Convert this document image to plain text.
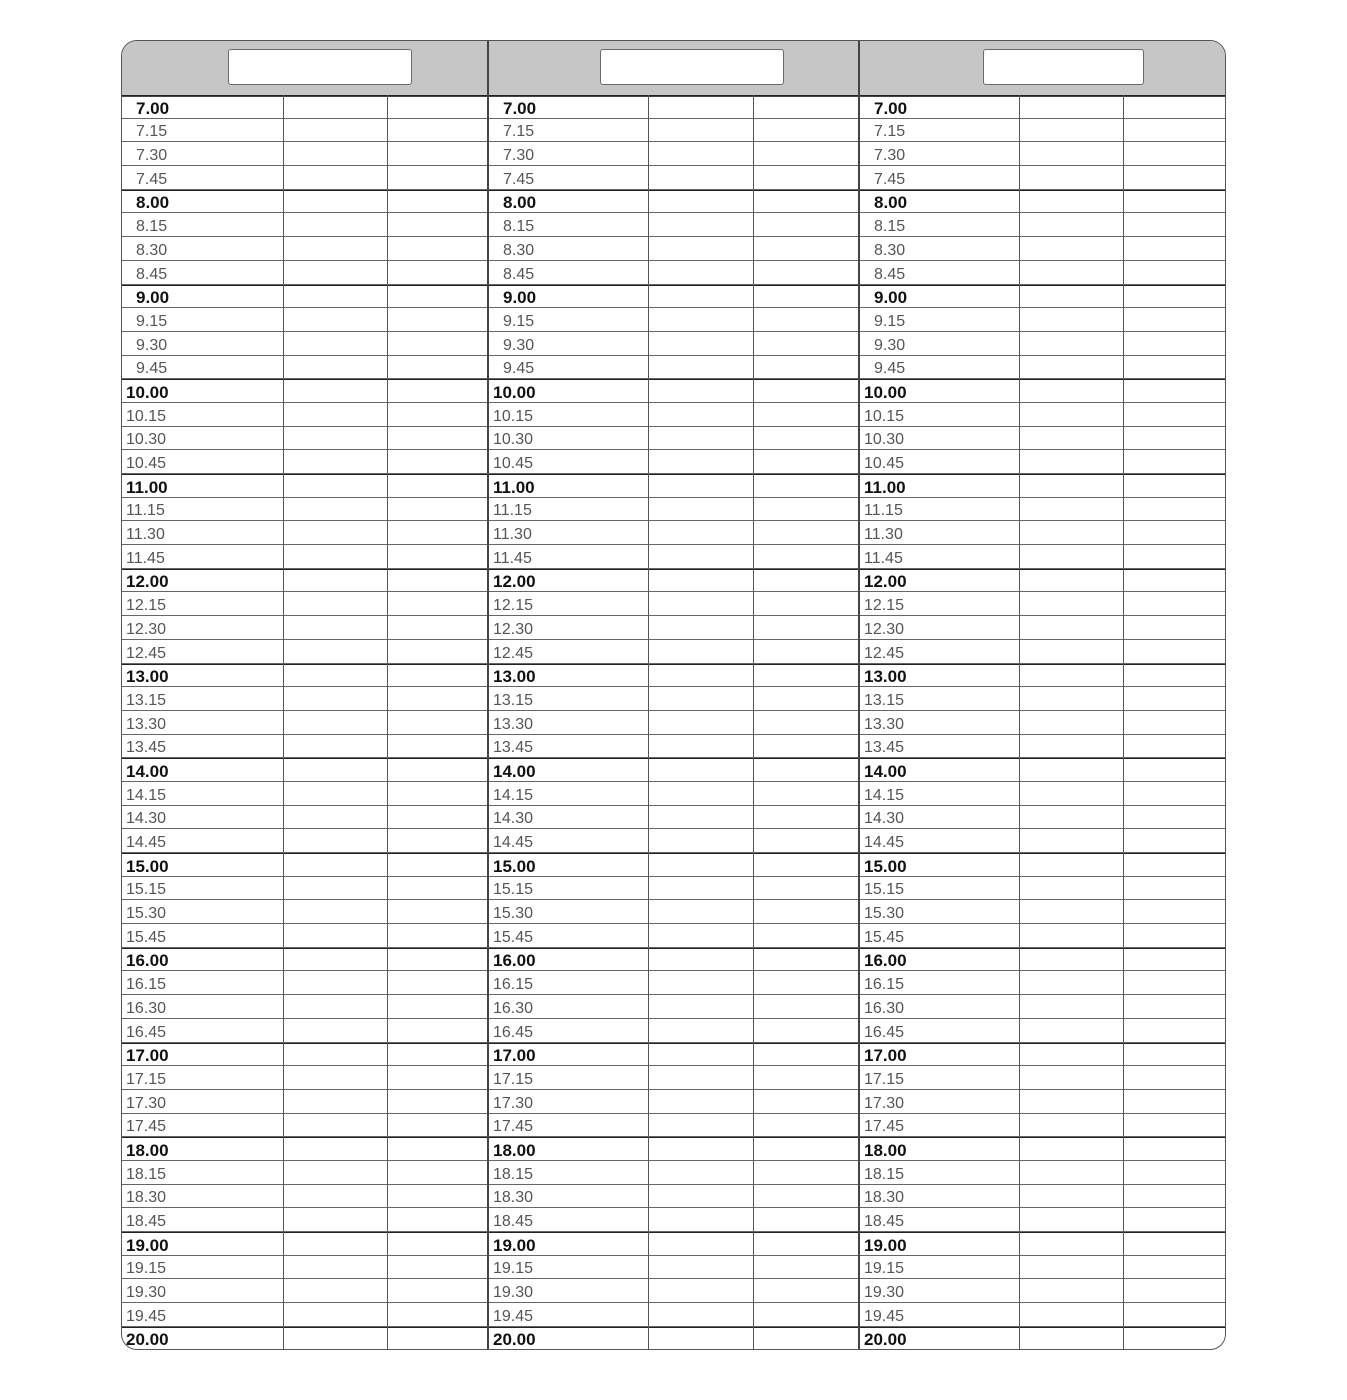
7.00
7.15
7.30
7.45
8.00
8.15
8.30
8.45
9.00
9.15
9.30
9.45
10.00
10.15
10.30
10.45
11.00
11.15
11.30
11.45
12.00
12.15
12.30
12.45
13.00
13.15
13.30
13.45
14.00
14.15
14.30
14.45
15.00
15.15
15.30
15.45
16.00
16.15
16.30
16.45
17.00
17.15
17.30
17.45
18.00
18.15
18.30
18.45
19.00
19.15
19.30
19.45
20.00
7.00
7.15
7.30
7.45
8.00
8.15
8.30
8.45
9.00
9.15
9.30
9.45
10.00
10.15
10.30
10.45
11.00
11.15
11.30
11.45
12.00
12.15
12.30
12.45
13.00
13.15
13.30
13.45
14.00
14.15
14.30
14.45
15.00
15.15
15.30
15.45
16.00
16.15
16.30
16.45
17.00
17.15
17.30
17.45
18.00
18.15
18.30
18.45
19.00
19.15
19.30
19.45
20.00
7.00
7.15
7.30
7.45
8.00
8.15
8.30
8.45
9.00
9.15
9.30
9.45
10.00
10.15
10.30
10.45
11.00
11.15
11.30
11.45
12.00
12.15
12.30
12.45
13.00
13.15
13.30
13.45
14.00
14.15
14.30
14.45
15.00
15.15
15.30
15.45
16.00
16.15
16.30
16.45
17.00
17.15
17.30
17.45
18.00
18.15
18.30
18.45
19.00
19.15
19.30
19.45
20.00
